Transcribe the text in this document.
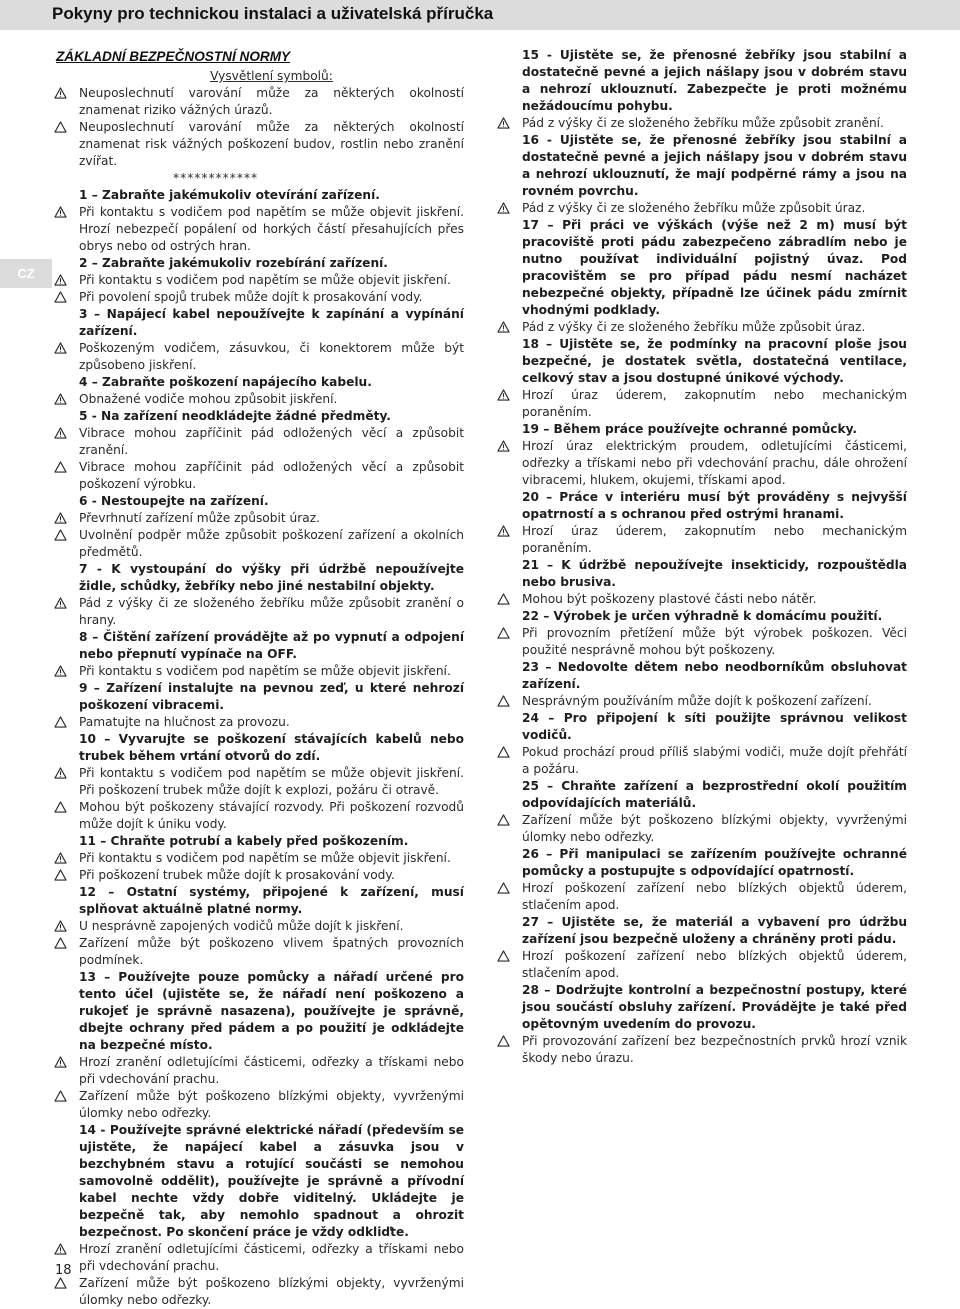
Pokyny pro technickou instalaci a uživatelská příručka
CZ
ZÁKLADNÍ BEZPEČNOSTNÍ NORMY

Vysvětlení symbolů:

Neuposlechnutí varování může za některých okolností znamenat riziko vážných úrazů.

Neuposlechnutí varování může za některých okolností znamenat risk vážných poškození budov, rostlin nebo zranění zvířat.

************

1 – Zabraňte jakémukoliv otevírání zařízení.

Při kontaktu s vodičem pod napětím se může objevit jiskření. Hrozí nebezpečí popálení od horkých částí přesahujících přes obrys nebo od ostrých hran.

2 – Zabraňte jakémukoliv rozebírání zařízení.

Při kontaktu s vodičem pod napětím se může objevit jiskření.

Při povolení spojů trubek může dojít k prosakování vody.

3 – Napájecí kabel nepoužívejte k zapínání a vypínání zařízení.

Poškozeným vodičem, zásuvkou, či konektorem může být způsobeno jiskření.

4 – Zabraňte poškození napájecího kabelu.

Obnažené vodiče mohou způsobit jiskření.

5 - Na zařízení neodkládejte žádné předměty.

Vibrace mohou zapříčinit pád odložených věcí a způsobit zranění.

Vibrace mohou zapříčinit pád odložených věcí a způsobit poškození výrobku.

6 - Nestoupejte na zařízení.

Převrhnutí zařízení může způsobit úraz.

Uvolnění podpěr může způsobit poškození zařízení a okolních předmětů.

7 - K vystoupání do výšky při údržbě nepoužívejte židle, schůdky, žebříky nebo jiné nestabilní objekty.

Pád z výšky či ze složeného žebříku může způsobit zranění o hrany.

8 – Čištění zařízení provádějte až po vypnutí a odpojení nebo přepnutí vypínače na OFF.

Při kontaktu s vodičem pod napětím se může objevit jiskření.

9 – Zařízení instalujte na pevnou zeď, u které nehrozí poškození vibracemi.

Pamatujte na hlučnost za provozu.

10 – Vyvarujte se poškození stávajících kabelů nebo trubek během vrtání otvorů do zdí.

Při kontaktu s vodičem pod napětím se může objevit jiskření. Při poškození trubek může dojít k explozi, požáru či otravě.

Mohou být poškozeny stávající rozvody. Při poškození rozvodů může dojít k úniku vody.

11 – Chraňte potrubí a kabely před poškozením.

Při kontaktu s vodičem pod napětím se může objevit jiskření.

Při poškození trubek může dojít k prosakování vody.

12 – Ostatní systémy, připojené k zařízení, musí splňovat aktuálně platné normy.

U nesprávně zapojených vodičů může dojít k jiskření.

Zařízení může být poškozeno vlivem špatných provozních podmínek.

13 – Používejte pouze pomůcky a nářadí určené pro tento účel (ujistěte se, že nářadí není poškozeno a rukojeť je správně nasazena), používejte je správně, dbejte ochrany před pádem a po použití je odkládejte na bezpečné místo.

Hrozí zranění odletujícími částicemi, odřezky a třískami nebo při vdechování prachu.

Zařízení může být poškozeno blízkými objekty, vyvrženými úlomky nebo odřezky.

14 - Používejte správné elektrické nářadí (především se ujistěte, že napájecí kabel a zásuvka jsou v bezchybném stavu a rotující součásti se nemohou samovolně oddělit), používejte je správně a přívodní kabel nechte vždy dobře viditelný. Ukládejte je bezpečně tak, aby nemohlo spadnout a ohrozit bezpečnost. Po skončení práce je vždy odkliďte.

Hrozí zranění odletujícími částicemi, odřezky a třískami nebo při vdechování prachu.

Zařízení může být poškozeno blízkými objekty, vyvrženými úlomky nebo odřezky.

15 - Ujistěte se, že přenosné žebříky jsou stabilní a dostatečně pevné a jejich nášlapy jsou v dobrém stavu a nehrozí uklouznutí. Zabezpečte je proti možnému nežádoucímu pohybu.

Pád z výšky či ze složeného žebříku může způsobit zranění.

16 - Ujistěte se, že přenosné žebříky jsou stabilní a dostatečně pevné a jejich nášlapy jsou v dobrém stavu a nehrozí uklouznutí, že mají podpěrné rámy a jsou na rovném povrchu.

Pád z výšky či ze složeného žebříku může způsobit úraz.

17 – Při práci ve výškách (výše než 2 m) musí být pracoviště proti pádu zabezpečeno zábradlím nebo je nutno používat individuální pojistný úvaz. Pod pracovištěm se pro případ pádu nesmí nacházet nebezpečné objekty, případně lze účinek pádu zmírnit vhodnými podklady.

Pád z výšky či ze složeného žebříku může způsobit úraz.

18 – Ujistěte se, že podmínky na pracovní ploše jsou bezpečné, je dostatek světla, dostatečná ventilace, celkový stav a jsou dostupné únikové východy.

Hrozí úraz úderem, zakopnutím nebo mechanickým poraněním.

19 – Během práce používejte ochranné pomůcky.

Hrozí úraz elektrickým proudem, odletujícími částicemi, odřezky a třískami nebo při vdechování prachu, dále ohrožení vibracemi, hlukem, okujemi, třískami apod.

20 – Práce v interiéru musí být prováděny s nejvyšší opatrností a s ochranou před ostrými hranami.

Hrozí úraz úderem, zakopnutím nebo mechanickým poraněním.

21 – K údržbě nepoužívejte insekticidy, rozpouštědla nebo brusiva.

Mohou být poškozeny plastové části nebo nátěr.

22 – Výrobek je určen výhradně k domácímu použití.

Při provozním přetížení může být výrobek poškozen. Věci použité nesprávně mohou být poškozeny.

23 – Nedovolte dětem nebo neodborníkům obsluhovat zařízení.

Nesprávným používáním může dojít k poškození zařízení.

24 – Pro připojení k síti použijte správnou velikost vodičů.

Pokud prochází proud příliš slabými vodiči, muže dojít přehřátí a požáru.

25 – Chraňte zařízení a bezprostřední okolí použitím odpovídajících materiálů.

Zařízení může být poškozeno blízkými objekty, vyvrženými úlomky nebo odřezky.

26 – Při manipulaci se zařízením používejte ochranné pomůcky a postupujte s odpovídající opatrností.

Hrozí poškození zařízení nebo blízkých objektů úderem, stlačením apod.

27 – Ujistěte se, že materiál a vybavení pro údržbu zařízení jsou bezpečně uloženy a chráněny proti pádu.

Hrozí poškození zařízení nebo blízkých objektů úderem, stlačením apod.

28 – Dodržujte kontrolní a bezpečnostní postupy, které jsou součástí obsluhy zařízení. Provádějte je také před opětovným uvedením do provozu.

Při provozování zařízení bez bezpečnostních prvků hrozí vznik škody nebo úrazu.

18
